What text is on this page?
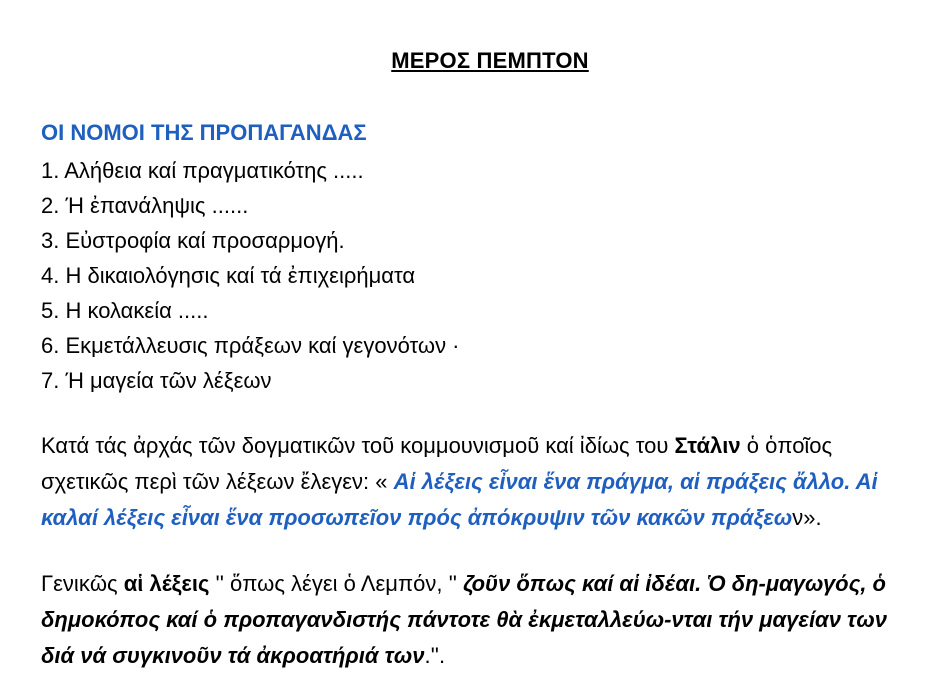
ΜΕΡΟΣ ΠΕΜΠΤΟΝ
ΟΙ ΝΟΜΟΙ ΤΗΣ ΠΡΟΠΑΓΑΝΔΑΣ
1. Αλήθεια καί πραγματικότης .....
2. Ή ἐπανάληψις ......
3. Εὐστροφία καί προσαρμογή.
4. Η δικαιολόγησις καί τά ἐπιχειρήματα
5. Η κολακεία .....
6. Εκμετάλλευσις πράξεων καί γεγονότων ·
7. Ή μαγεία τῶν λέξεων
Κατά τάς ἀρχάς τῶν δογματικῶν τοῦ κομμουνισμοῦ καί ἰδίως του Στάλιν ὁ ὁποῖος σχετικῶς περὶ τῶν λέξεων ἔλεγεν: « Αἱ λέξεις εἶναι ἕνα πράγμα, αἱ πράξεις ἄλλο. Αἱ καλαί λέξεις εἶναι ἕνα προσωπεῖον πρός ἀπόκρυψιν τῶν κακῶν πράξεων».
Γενικῶς αἱ λέξεις '' ὅπως λέγει ὁ Λεμπόν, '' ζοῦν ὅπως καί αἱ ἰδέαι. Ὁ δη-μαγωγός, ὁ δημοκόπος καί ὁ προπαγανδιστής πάντοτε θὰ ἐκμεταλλεύω-νται τήν μαγείαν των διά νά συγκινοῦν τά ἀκροατήριά των.''.
